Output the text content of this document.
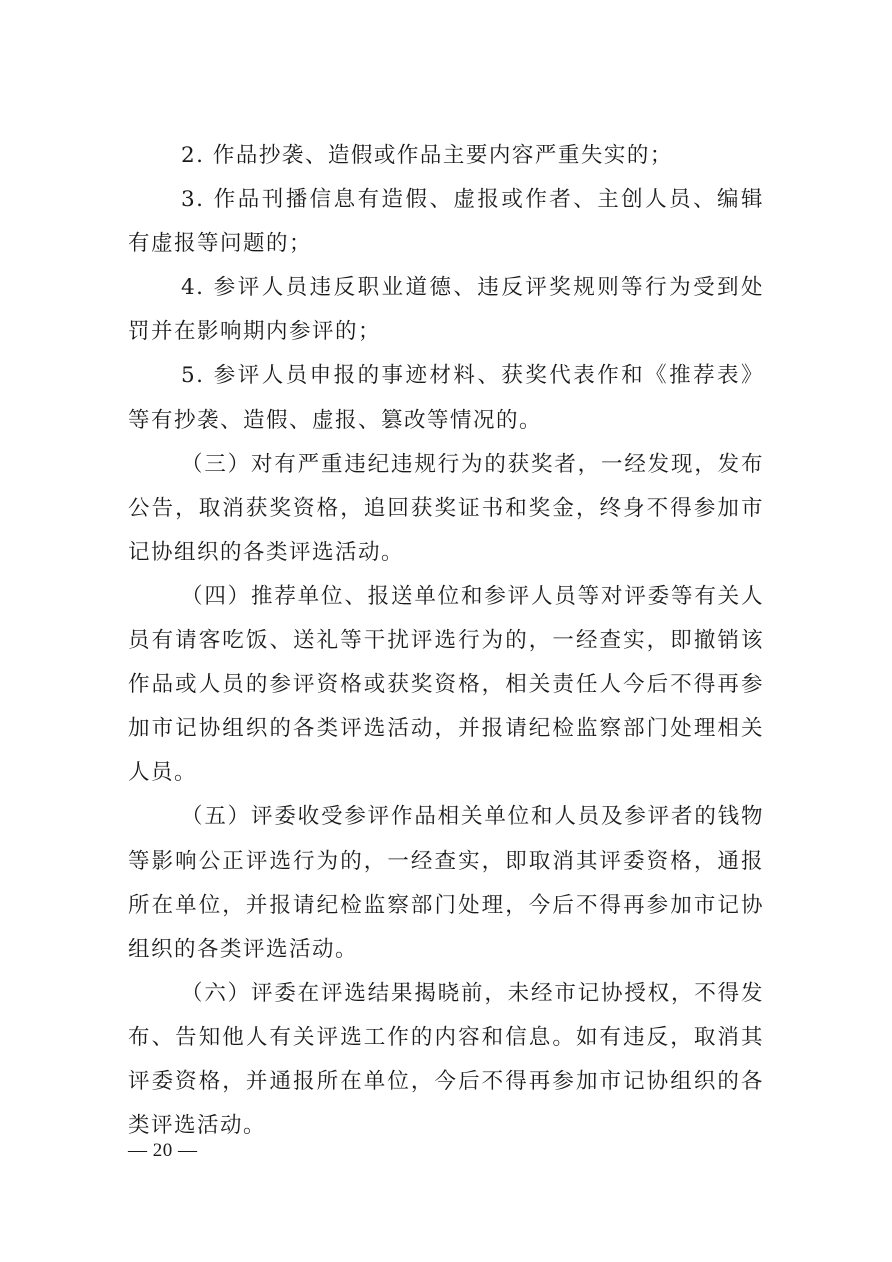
2. 作品抄袭、造假或作品主要内容严重失实的；

3. 作品刊播信息有造假、虚报或作者、主创人员、编辑有虚报等问题的；

4. 参评人员违反职业道德、违反评奖规则等行为受到处罚并在影响期内参评的；

5. 参评人员申报的事迹材料、获奖代表作和《推荐表》等有抄袭、造假、虚报、篡改等情况的。

（三）对有严重违纪违规行为的获奖者，一经发现，发布公告，取消获奖资格，追回获奖证书和奖金，终身不得参加市记协组织的各类评选活动。

（四）推荐单位、报送单位和参评人员等对评委等有关人员有请客吃饭、送礼等干扰评选行为的，一经查实，即撤销该作品或人员的参评资格或获奖资格，相关责任人今后不得再参加市记协组织的各类评选活动，并报请纪检监察部门处理相关人员。

（五）评委收受参评作品相关单位和人员及参评者的钱物等影响公正评选行为的，一经查实，即取消其评委资格，通报所在单位，并报请纪检监察部门处理，今后不得再参加市记协组织的各类评选活动。

（六）评委在评选结果揭晓前，未经市记协授权，不得发布、告知他人有关评选工作的内容和信息。如有违反，取消其评委资格，并通报所在单位，今后不得再参加市记协组织的各类评选活动。

— 20 —
